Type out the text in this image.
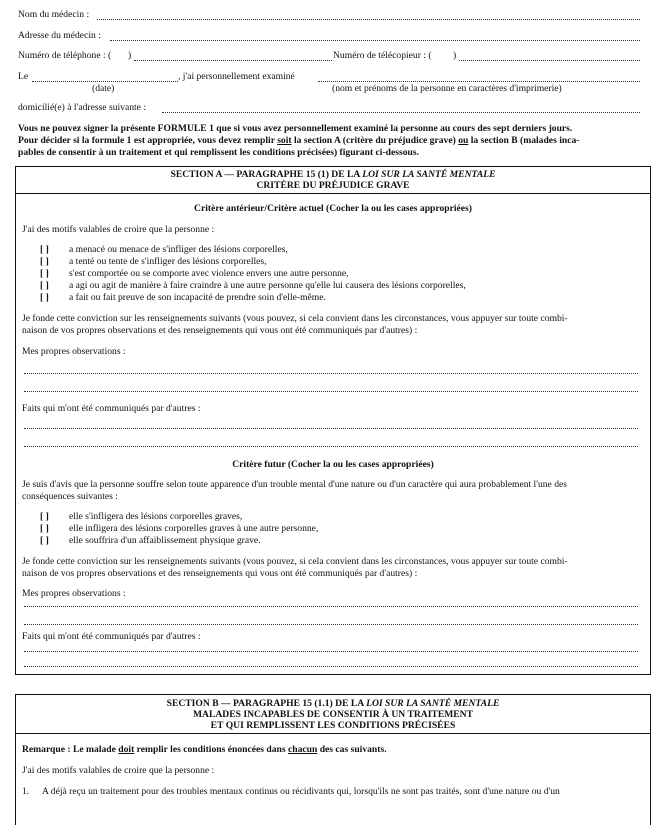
Nom du médecin :
Adresse du médecin :
Numéro de téléphone : ( )	Numéro de télécopieur : ( )
Le	, j'ai personnellement examiné
(date)	(nom et prénoms de la personne en caractères d'imprimerie)
domicilié(e) à l'adresse suivante :
Vous ne pouvez signer la présente FORMULE 1 que si vous avez personnellement examiné la personne au cours des sept derniers jours.
Pour décider si la formule 1 est appropriée, vous devez remplir soit la section A (critère du préjudice grave) ou la section B (malades inca-
pables de consentir à un traitement et qui remplissent les conditions précisées) figurant ci-dessous.
SECTION A — PARAGRAPHE 15 (1) DE LA LOI SUR LA SANTÉ MENTALE
CRITÈRE DU PRÉJUDICE GRAVE
Critère antérieur/Critère actuel (Cocher la ou les cases appropriées)
J'ai des motifs valables de croire que la personne :
[ ] a menacé ou menace de s'infliger des lésions corporelles,
[ ] a tenté ou tente de s'infliger des lésions corporelles,
[ ] s'est comportée ou se comporte avec violence envers une autre personne,
[ ] a agi ou agit de manière à faire craindre à une autre personne qu'elle lui causera des lésions corporelles,
[ ] a fait ou fait preuve de son incapacité de prendre soin d'elle-même.
Je fonde cette conviction sur les renseignements suivants (vous pouvez, si cela convient dans les circonstances, vous appuyer sur toute combi-
naison de vos propres observations et des renseignements qui vous ont été communiqués par d'autres) :
Mes propres observations :
Faits qui m'ont été communiqués par d'autres :
Critère futur (Cocher la ou les cases appropriées)
Je suis d'avis que la personne souffre selon toute apparence d'un trouble mental d'une nature ou d'un caractère qui aura probablement l'une des
conséquences suivantes :
[ ] elle s'infligera des lésions corporelles graves,
[ ] elle infligera des lésions corporelles graves à une autre personne,
[ ] elle souffrira d'un affaiblissement physique grave.
Je fonde cette conviction sur les renseignements suivants (vous pouvez, si cela convient dans les circonstances, vous appuyer sur toute combi-
naison de vos propres observations et des renseignements qui vous ont été communiqués par d'autres) :
Mes propres observations :
Faits qui m'ont été communiqués par d'autres :
SECTION B — PARAGRAPHE 15 (1.1) DE LA LOI SUR LA SANTÉ MENTALE
MALADES INCAPABLES DE CONSENTIR À UN TRAITEMENT
ET QUI REMPLISSENT LES CONDITIONS PRÉCISÉES
Remarque : Le malade doit remplir les conditions énoncées dans chacun des cas suivants.
J'ai des motifs valables de croire que la personne :
1. A déjà reçu un traitement pour des troubles mentaux continus ou récidivants qui, lorsqu'ils ne sont pas traités, sont d'une nature ou d'un
